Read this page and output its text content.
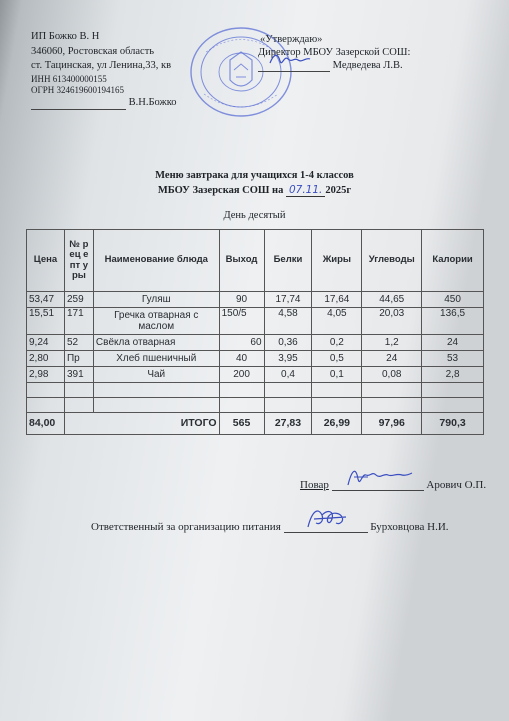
ИП Божко В. Н
346060, Ростовская область
ст. Тацинская, ул Ленина,33, кв
ИНН 613400000155
ОГРН 324619600194165
В.Н.Божко
«Утверждаю»
Директор МБОУ Зазерской СОШ:
Медведева Л.В.
Меню завтрака для учащихся 1-4 классов
МБОУ Зазерская СОШ на 07.11. 2025г
День десятый
Цена	№ рец епт уры	Наименование блюда	Выход	Белки	Жиры	Углеводы	Калории
53,47	259	Гуляш	90	17,74	17,64	44,65	450
15,51	171	Гречка отварная с маслом	150/5	4,58	4,05	20,03	136,5
9,24	52	Свёкла отварная	60	0,36	0,2	1,2	24
2,80	Пр	Хлеб пшеничный	40	3,95	0,5	24	53
2,98	391	Чай	200	0,4	0,1	0,08	2,8

84,00	ИТОГО		565	27,83	26,99	97,96	790,3
Повар	Арович О.П.
Ответственный за организацию питания	Бурховцова Н.И.
